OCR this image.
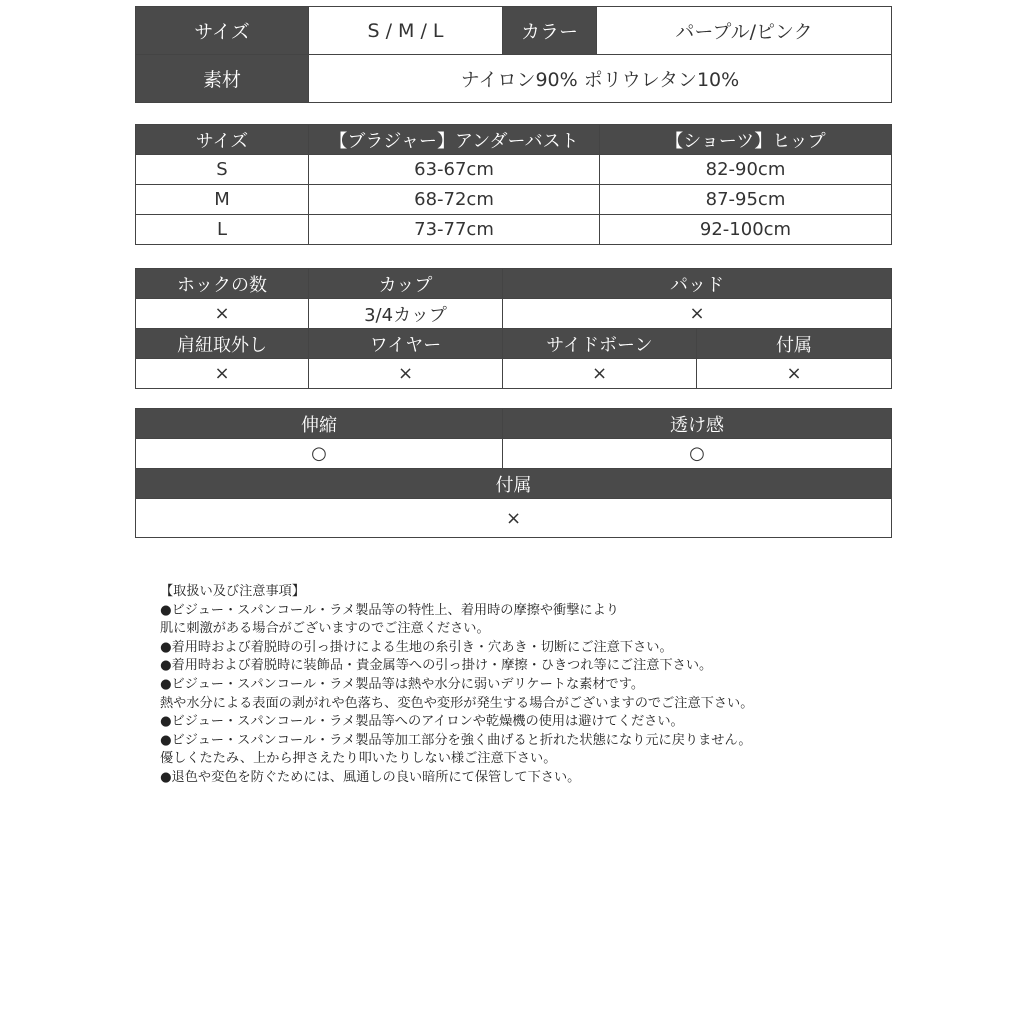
サイズ	S / M / L	カラー	パープル/ピンク
素材	ナイロン90% ポリウレタン10%		
サイズ	【ブラジャー】アンダーバスト	【ショーツ】ヒップ
S	63-67cm	82-90cm
M	68-72cm	87-95cm
L	73-77cm	92-100cm
ホックの数	カップ	パッド	
×	3/4カップ	×	
肩紐取外し	ワイヤー	サイドボーン	付属
×	×	×	×
伸縮	透け感
○	○
付属	
×	
【取扱い及び注意事項】
●ビジュー・スパンコール・ラメ製品等の特性上、着用時の摩擦や衝撃により
肌に刺激がある場合がございますのでご注意ください。
●着用時および着脱時の引っ掛けによる生地の糸引き・穴あき・切断にご注意下さい。
●着用時および着脱時に装飾品・貴金属等への引っ掛け・摩擦・ひきつれ等にご注意下さい。
●ビジュー・スパンコール・ラメ製品等は熱や水分に弱いデリケートな素材です。
熱や水分による表面の剥がれや色落ち、変色や変形が発生する場合がございますのでご注意下さい。
●ビジュー・スパンコール・ラメ製品等へのアイロンや乾燥機の使用は避けてください。
●ビジュー・スパンコール・ラメ製品等加工部分を強く曲げると折れた状態になり元に戻りません。
優しくたたみ、上から押さえたり叩いたりしない様ご注意下さい。
●退色や変色を防ぐためには、風通しの良い暗所にて保管して下さい。
